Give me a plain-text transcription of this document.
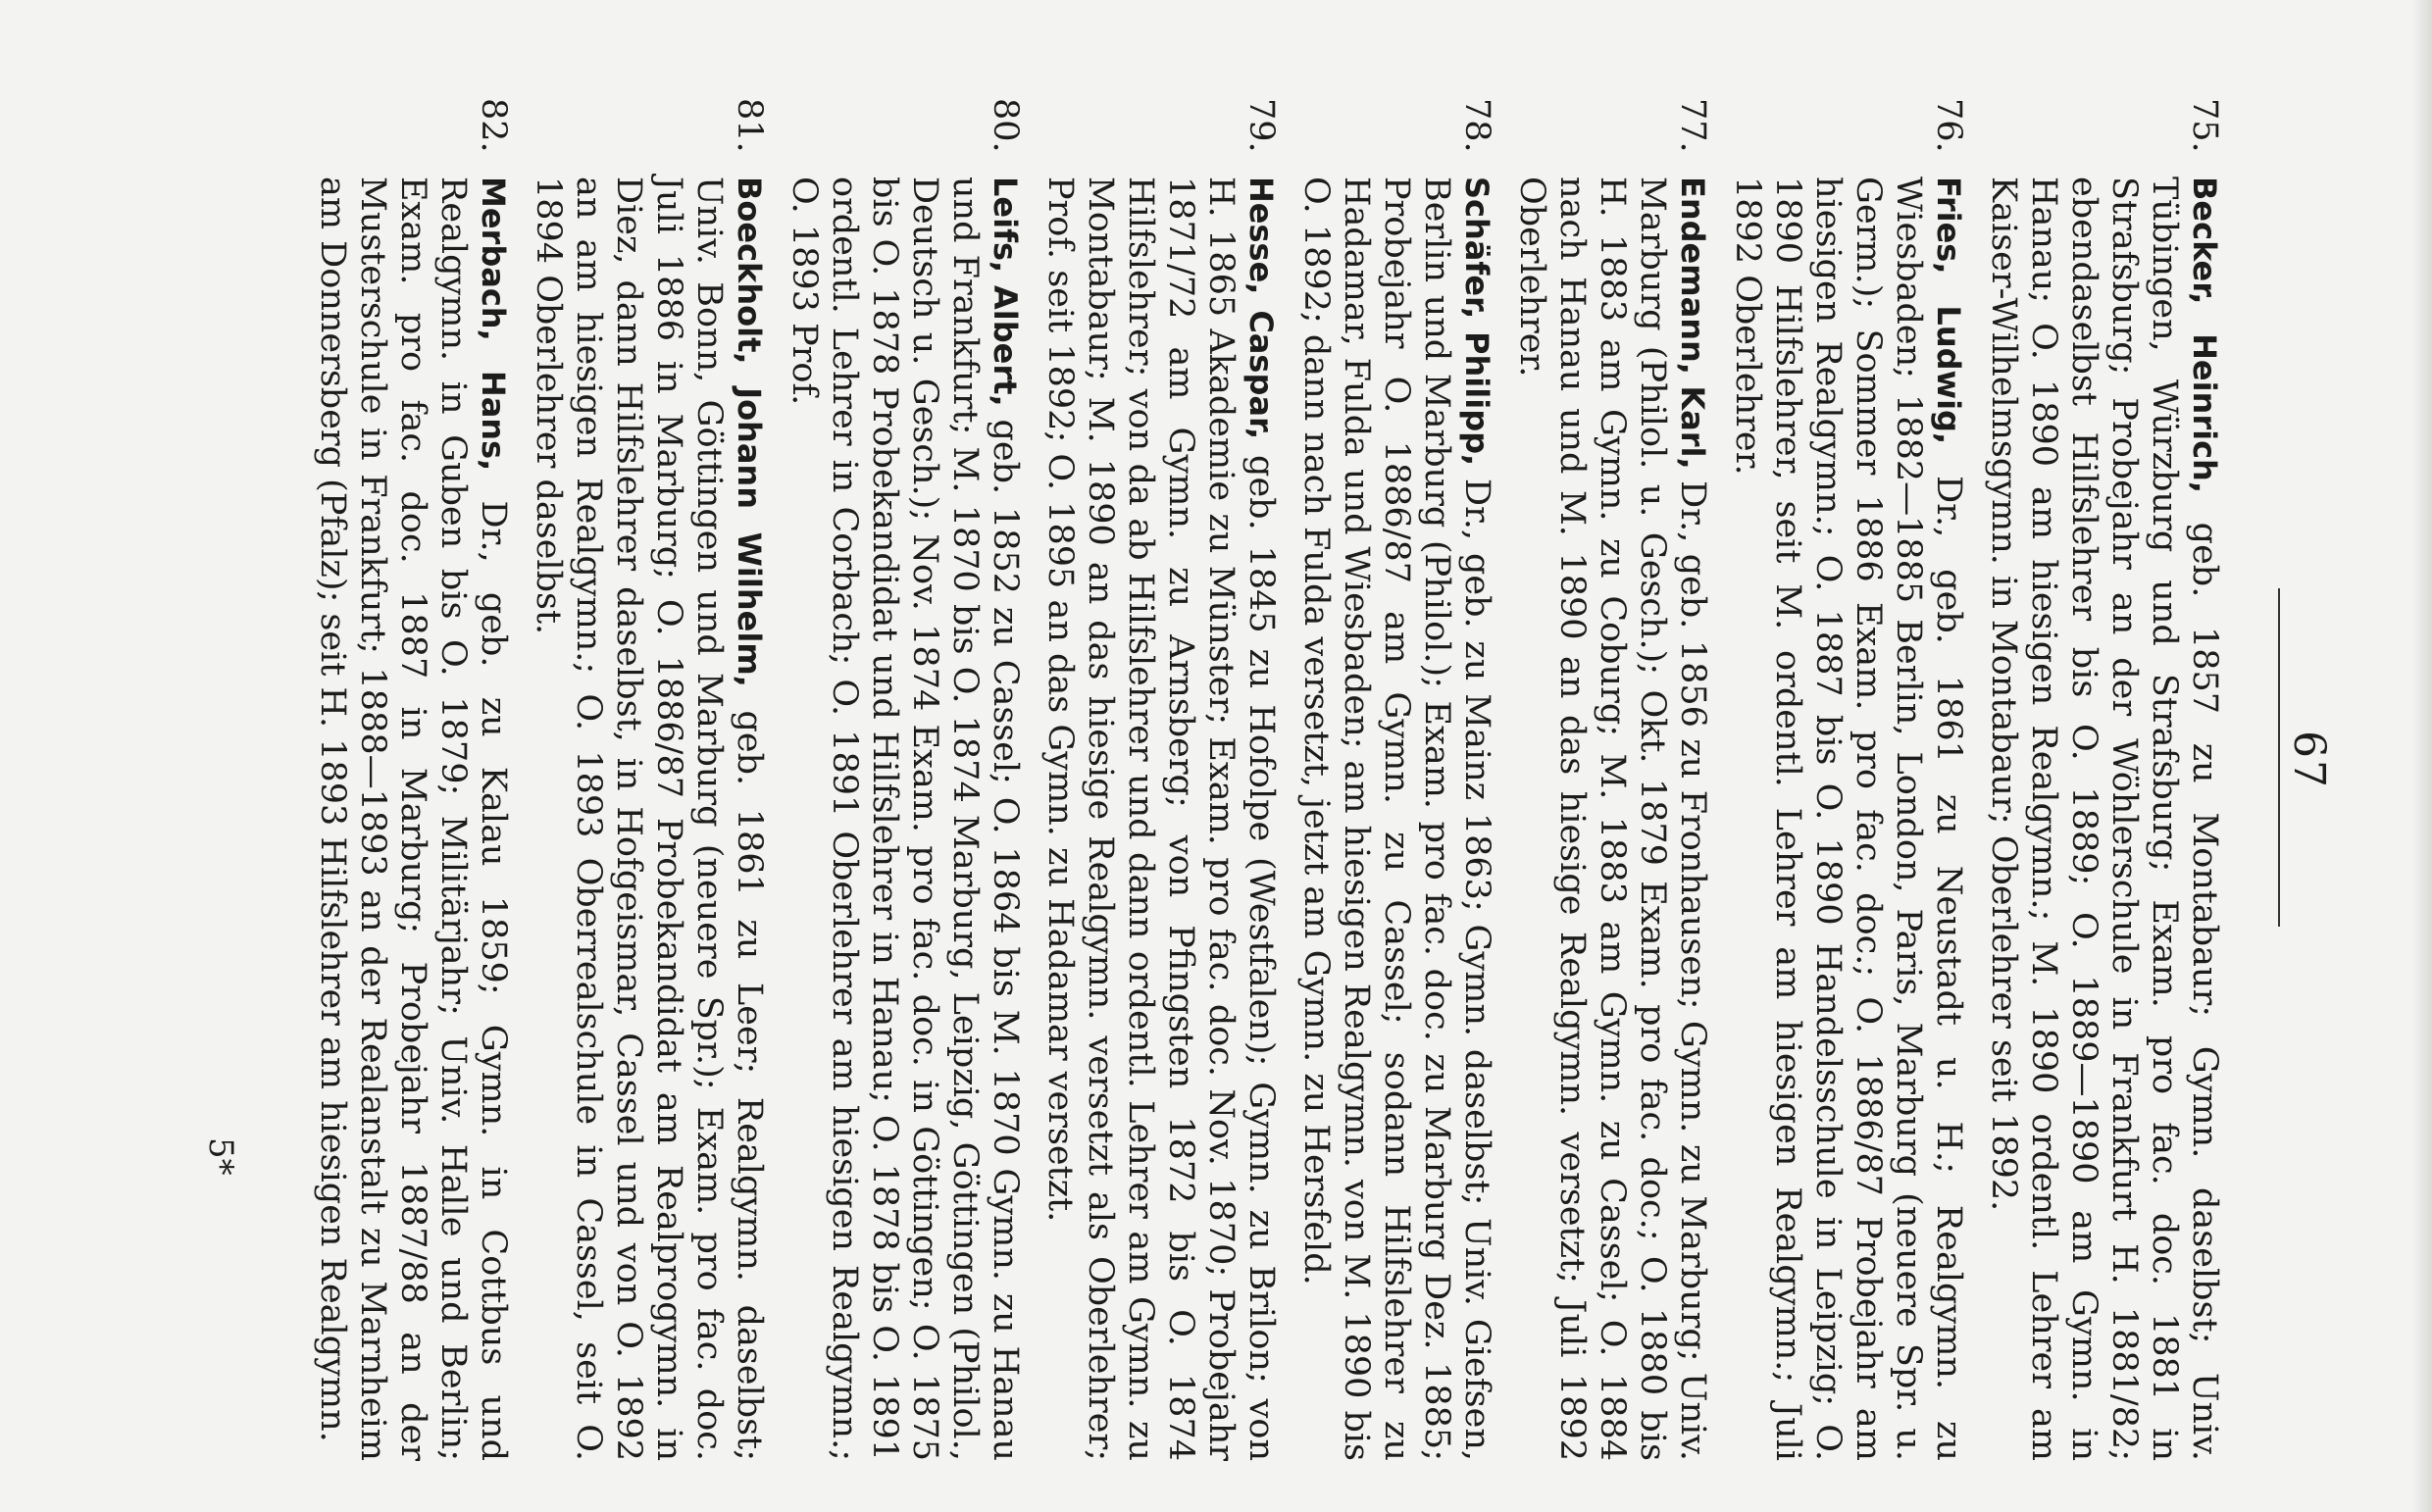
67
75.
Becker, Heinrich, geb. 1857 zu Montabaur; Gymn. daselbst; Univ. Tübingen, Würzburg und Strafsburg; Exam. pro fac. doc. 1881 in Strafsburg; Probejahr an der Wöhlerschule in Frankfurt H. 1881/82; ebendaselbst Hilfslehrer bis O. 1889; O. 1889—1890 am Gymn. in Hanau; O. 1890 am hiesigen Realgymn.; M. 1890 ordentl. Lehrer am Kaiser-Wilhelmsgymn. in Montabaur; Oberlehrer seit 1892.
76.
Fries, Ludwig, Dr., geb. 1861 zu Neustadt u. H.; Realgymn. zu Wiesbaden; 1882—1885 Berlin, London, Paris, Marburg (neuere Spr. u. Germ.); Sommer 1886 Exam. pro fac. doc.; O. 1886/87 Probejahr am hiesigen Realgymn.; O. 1887 bis O. 1890 Handelsschule in Leipzig; O. 1890 Hilfslehrer, seit M. ordentl. Lehrer am hiesigen Realgymn.; Juli 1892 Oberlehrer.
77.
Endemann, Karl, Dr., geb. 1856 zu Fronhausen; Gymn. zu Marburg; Univ. Marburg (Philol. u. Gesch.); Okt. 1879 Exam. pro fac. doc.; O. 1880 bis H. 1883 am Gymn. zu Coburg; M. 1883 am Gymn. zu Cassel; O. 1884 nach Hanau und M. 1890 an das hiesige Realgymn. versetzt; Juli 1892 Oberlehrer.
78.
Schäfer, Philipp, Dr., geb. zu Mainz 1863; Gymn. daselbst; Univ. Giefsen, Berlin und Marburg (Philol.); Exam. pro fac. doc. zu Marburg Dez. 1885; Probejahr O. 1886/87 am Gymn. zu Cassel; sodann Hilfslehrer zu Hadamar, Fulda und Wiesbaden; am hiesigen Realgymn. von M. 1890 bis O. 1892; dann nach Fulda versetzt, jetzt am Gymn. zu Hersfeld.
79.
Hesse, Caspar, geb. 1845 zu Hofolpe (Westfalen); Gymn. zu Brilon; von H. 1865 Akademie zu Münster; Exam. pro fac. doc. Nov. 1870; Probejahr 1871/72 am Gymn. zu Arnsberg; von Pfingsten 1872 bis O. 1874 Hilfslehrer; von da ab Hilfslehrer und dann ordentl. Lehrer am Gymn. zu Montabaur; M. 1890 an das hiesige Realgymn. versetzt als Oberlehrer; Prof. seit 1892; O. 1895 an das Gymn. zu Hadamar versetzt.
80.
Leifs, Albert, geb. 1852 zu Cassel; O. 1864 bis M. 1870 Gymn. zu Hanau und Frankfurt; M. 1870 bis O. 1874 Marburg, Leipzig, Göttingen (Philol., Deutsch u. Gesch.); Nov. 1874 Exam. pro fac. doc. in Göttingen; O. 1875 bis O. 1878 Probekandidat und Hilfslehrer in Hanau; O. 1878 bis O. 1891 ordentl. Lehrer in Corbach; O. 1891 Oberlehrer am hiesigen Realgymn.; O. 1893 Prof.
81.
Boeckholt, Johann Wilhelm, geb. 1861 zu Leer; Realgymn. daselbst; Univ. Bonn, Göttingen und Marburg (neuere Spr.); Exam. pro fac. doc. Juli 1886 in Marburg; O. 1886/87 Probekandidat am Realprogymn. in Diez, dann Hilfslehrer daselbst, in Hofgeismar, Cassel und von O. 1892 an am hiesigen Realgymn.; O. 1893 Oberrealschule in Cassel, seit O. 1894 Oberlehrer daselbst.
82.
Merbach, Hans, Dr., geb. zu Kalau 1859; Gymn. in Cottbus und Realgymn. in Guben bis O. 1879; Militärjahr; Univ. Halle und Berlin; Exam. pro fac. doc. 1887 in Marburg; Probejahr 1887/88 an der Musterschule in Frankfurt; 1888—1893 an der Realanstalt zu Marnheim am Donnersberg (Pfalz); seit H. 1893 Hilfslehrer am hiesigen Realgymn.
5*
